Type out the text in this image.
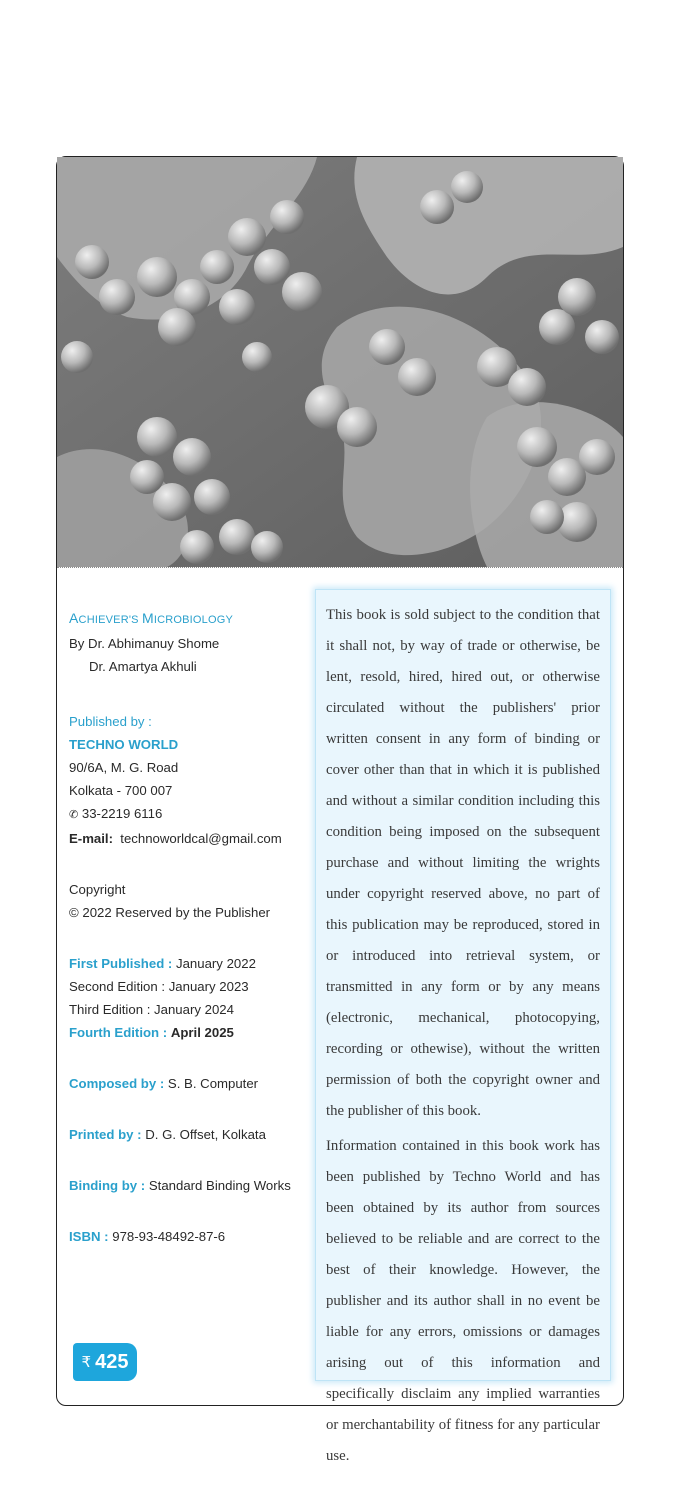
ACHIEVER'S MICROBIOLOGY
By Dr. Abhimanuy Shome
Dr. Amartya Akhuli
Published by :
TECHNO WORLD
90/6A, M. G. Road
Kolkata - 700 007
✆ 33-2219 6116
E-mail: technoworldcal@gmail.com
Copyright
© 2022 Reserved by the Publisher
First Published : January 2022
Second Edition : January 2023
Third Edition : January 2024
Fourth Edition : April 2025
Composed by : S. B. Computer
Printed by : D. G. Offset, Kolkata
Binding by : Standard Binding Works
ISBN : 978-93-48492-87-6
₹ 425

This book is sold subject to the condition that it shall not, by way of trade or otherwise, be lent, resold, hired, hired out, or otherwise circulated without the publishers' prior written consent in any form of binding or cover other than that in which it is published and without a similar condition including this condition being imposed on the subsequent purchase and without limiting the wrights under copyright reserved above, no part of this publication may be reproduced, stored in or introduced into retrieval system, or transmitted in any form or by any means (electronic, mechanical, photocopying, recording or othewise), without the written permission of both the copyright owner and the publisher of this book.

Information contained in this book work has been published by Techno World and has been obtained by its author from sources believed to be reliable and are correct to the best of their knowledge. However, the publisher and its author shall in no event be liable for any errors, omissions or damages arising out of this information and specifically disclaim any implied warranties or merchantability of fitness for any particular use.
